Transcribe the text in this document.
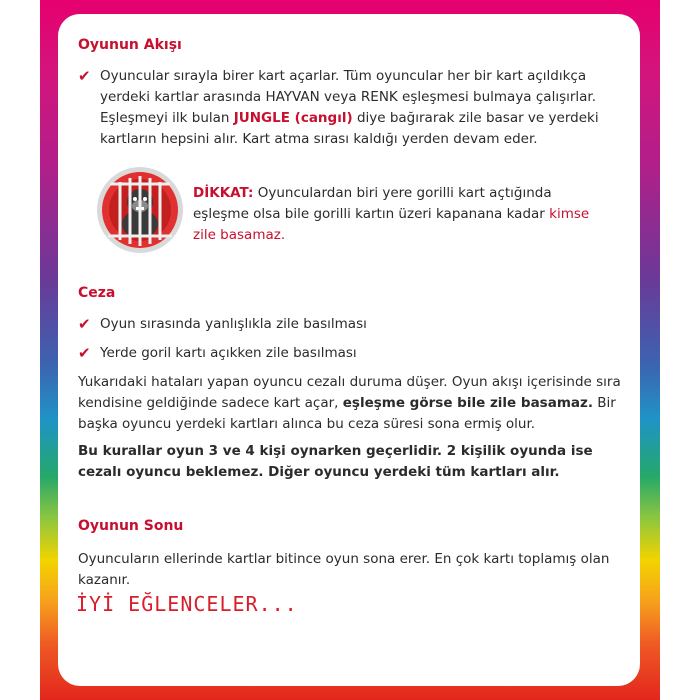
Oyunun Akışı
✔ Oyuncular sırayla birer kart açarlar. Tüm oyuncular her bir kart açıldıkça yerdeki kartlar arasında HAYVAN veya RENK eşleşmesi bulmaya çalışırlar. Eşleşmeyi ilk bulan JUNGLE (cangıl) diye bağırarak zile basar ve yerdeki kartların hepsini alır. Kart atma sırası kaldığı yerden devam eder.
DİKKAT: Oyunculardan biri yere gorilli kart açtığında eşleşme olsa bile gorilli kartın üzeri kapanana kadar kimse zile basamaz.
Ceza
✔ Oyun sırasında yanlışlıkla zile basılması
✔ Yerde goril kartı açıkken zile basılması
Yukarıdaki hataları yapan oyuncu cezalı duruma düşer. Oyun akışı içerisinde sıra kendisine geldiğinde sadece kart açar, eşleşme görse bile zile basamaz. Bir başka oyuncu yerdeki kartları alınca bu ceza süresi sona ermiş olur.
Bu kurallar oyun 3 ve 4 kişi oynarken geçerlidir. 2 kişilik oyunda ise cezalı oyuncu beklemez. Diğer oyuncu yerdeki tüm kartları alır.
Oyunun Sonu
Oyuncuların ellerinde kartlar bitince oyun sona erer. En çok kartı toplamış olan kazanır.
İYİ EĞLENCELER...
